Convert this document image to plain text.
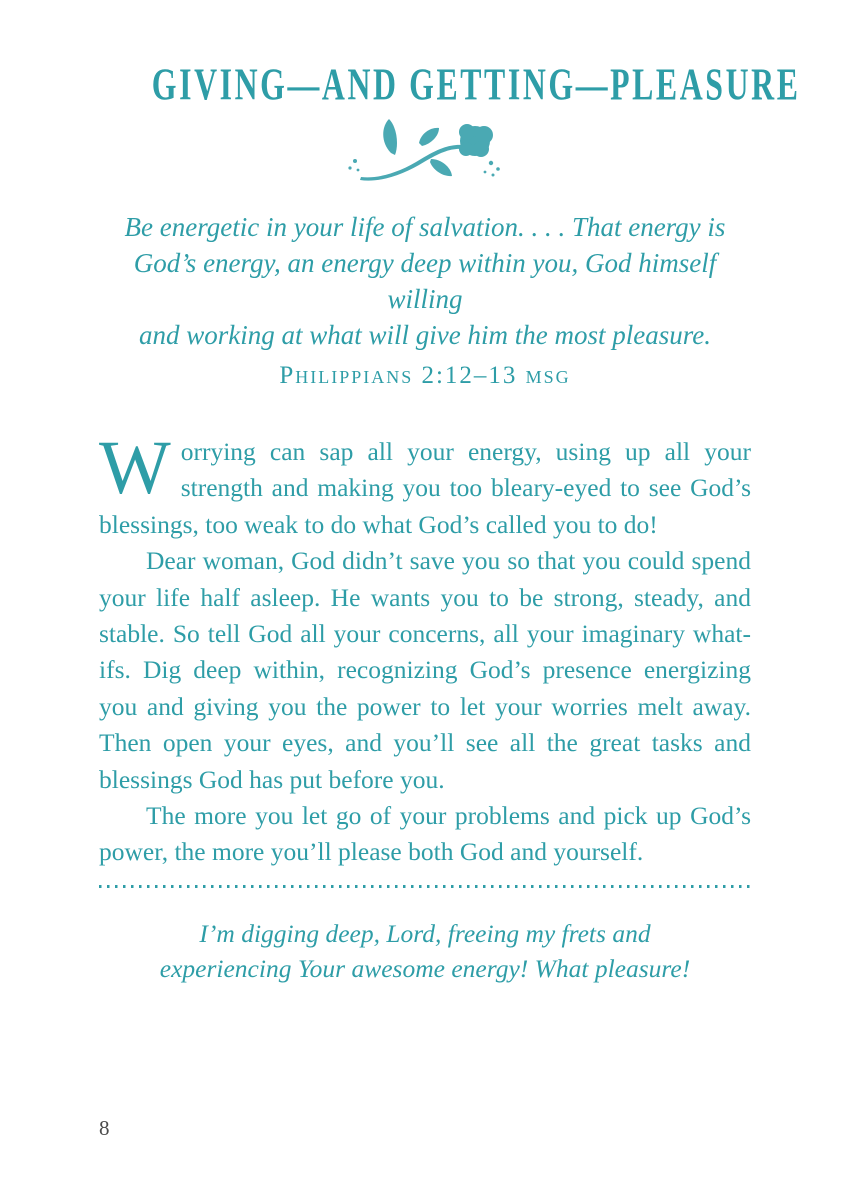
GIVING—AND GETTING—PLEASURE
Be energetic in your life of salvation. . . . That energy is
God’s energy, an energy deep within you, God himself willing
and working at what will give him the most pleasure.
Philippians 2:12–13 msg

Worrying can sap all your energy, using up all your strength and making you too bleary-eyed to see God’s blessings, too weak to do what God’s called you to do!

Dear woman, God didn’t save you so that you could spend your life half asleep. He wants you to be strong, steady, and stable. So tell God all your concerns, all your imaginary what-ifs. Dig deep within, recognizing God’s presence energizing you and giving you the power to let your worries melt away. Then open your eyes, and you’ll see all the great tasks and blessings God has put before you.

The more you let go of your problems and pick up God’s power, the more you’ll please both God and yourself.

I’m digging deep, Lord, freeing my frets and
experiencing Your awesome energy! What pleasure!
8
